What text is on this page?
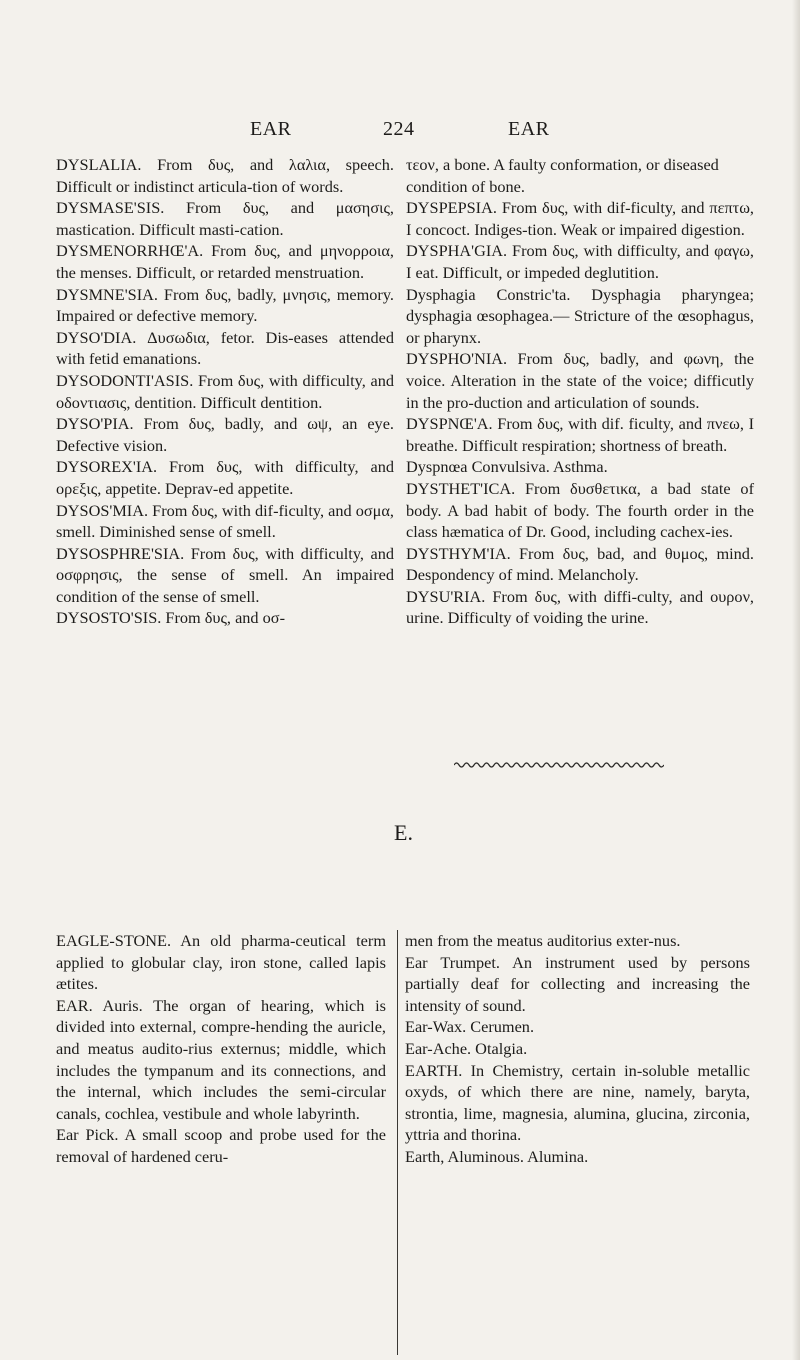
EAR	224	EAR

DYSLALIA. From δυς, and λαλια, speech. Difficult or indistinct articula-tion of words.

DYSMASE'SIS. From δυς, and μασησις, mastication. Difficult masti-cation.

DYSMENORRHŒ'A. From δυς, and μηνορροια, the menses. Difficult, or retarded menstruation.

DYSMNE'SIA. From δυς, badly, μνησις, memory. Impaired or defective memory.

DYSO'DIA. Δυσωδια, fetor. Dis-eases attended with fetid emanations.

DYSODONTI'ASIS. From δυς, with difficulty, and οδοντιασις, dentition. Difficult dentition.

DYSO'PIA. From δυς, badly, and ωψ, an eye. Defective vision.

DYSOREX'IA. From δυς, with difficulty, and ορεξις, appetite. Deprav-ed appetite.

DYSOS'MIA. From δυς, with dif-ficulty, and οσμα, smell. Diminished sense of smell.

DYSOSPHRE'SIA. From δυς, with difficulty, and οσφρησις, the sense of smell. An impaired condition of the sense of smell.

DYSOSTO'SIS. From δυς, and οσ-

τεον, a bone. A faulty conformation, or diseased condition of bone.

DYSPEPSIA. From δυς, with dif-ficulty, and πεπτω, I concoct. Indiges-tion. Weak or impaired digestion.

DYSPHA'GIA. From δυς, with difficulty, and φαγω, I eat. Difficult, or impeded deglutition.

Dysphagia Constric'ta. Dysphagia pharyngea; dysphagia œsophagea.— Stricture of the œsophagus, or pharynx.

DYSPHO'NIA. From δυς, badly, and φωνη, the voice. Alteration in the state of the voice; difficutly in the pro-duction and articulation of sounds.

DYSPNŒ'A. From δυς, with dif. ficulty, and πνεω, I breathe. Difficult respiration; shortness of breath.

Dyspnœa Convulsiva. Asthma.

DYSTHET'ICA. From δυσθετικα, a bad state of body. A bad habit of body. The fourth order in the class hæmatica of Dr. Good, including cachex-ies.

DYSTHYM'IA. From δυς, bad, and θυμος, mind. Despondency of mind. Melancholy.

DYSU'RIA. From δυς, with diffi-culty, and ουρον, urine. Difficulty of voiding the urine.

E.

EAGLE-STONE. An old pharma-ceutical term applied to globular clay, iron stone, called lapis ætites.

EAR. Auris. The organ of hearing, which is divided into external, compre-hending the auricle, and meatus audito-rius externus; middle, which includes the tympanum and its connections, and the internal, which includes the semi-circular canals, cochlea, vestibule and whole labyrinth.

Ear Pick. A small scoop and probe used for the removal of hardened ceru-

men from the meatus auditorius exter-nus.

Ear Trumpet. An instrument used by persons partially deaf for collecting and increasing the intensity of sound.

Ear-Wax. Cerumen.

Ear-Ache. Otalgia.

EARTH. In Chemistry, certain in-soluble metallic oxyds, of which there are nine, namely, baryta, strontia, lime, magnesia, alumina, glucina, zirconia, yttria and thorina.

Earth, Aluminous. Alumina.
